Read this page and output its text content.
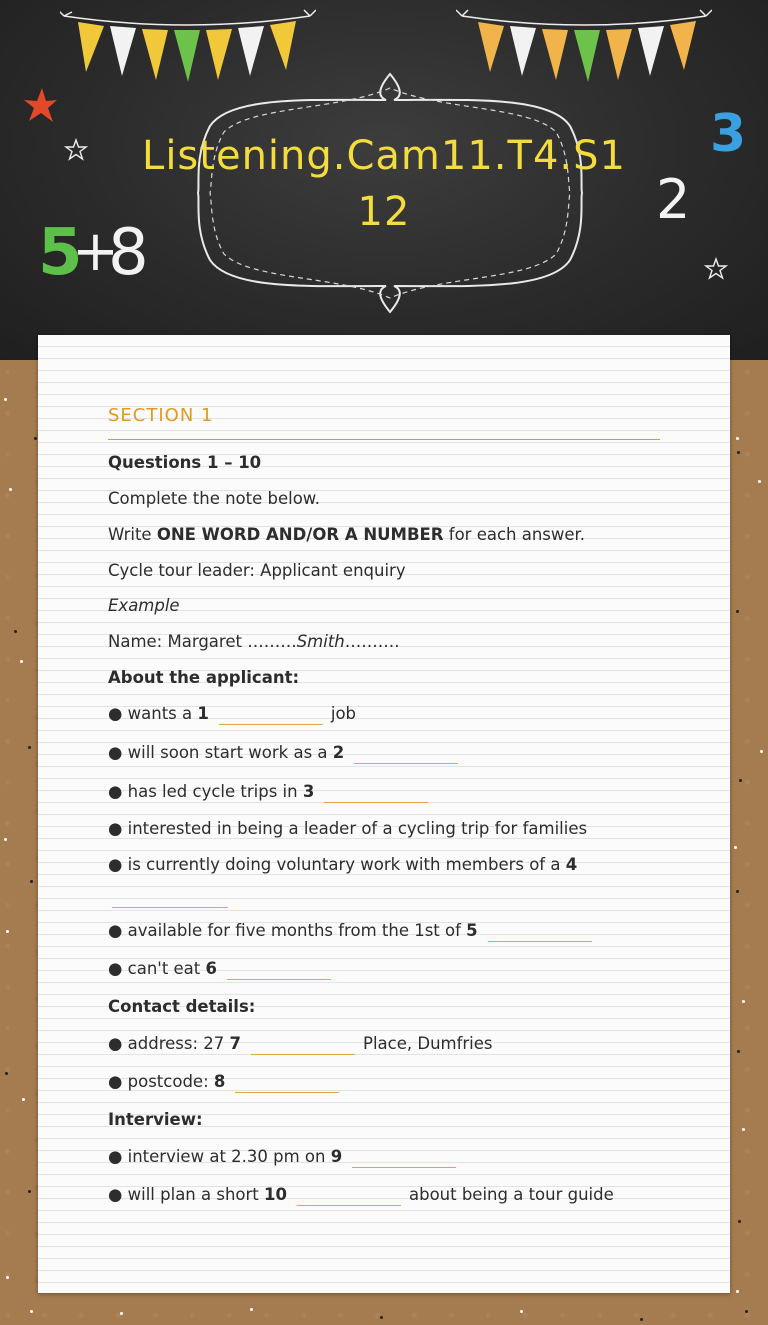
Listening.Cam11.T4.S1
12
5
+
8
2
3
SECTION 1
Questions 1 – 10
Complete the note below.
Write ONE WORD AND/OR A NUMBER for each answer.
Cycle tour leader: Applicant enquiry
Example
Name: Margaret ………Smith……….
About the applicant:
● wants a 1	job
● will soon start work as a 2
● has led cycle trips in 3
● interested in being a leader of a cycling trip for families
● is currently doing voluntary work with members of a 4
● available for five months from the 1st of 5
● can't eat 6
Contact details:
● address: 27 7	Place, Dumfries
● postcode: 8
Interview:
● interview at 2.30 pm on 9
● will plan a short 10	about being a tour guide
